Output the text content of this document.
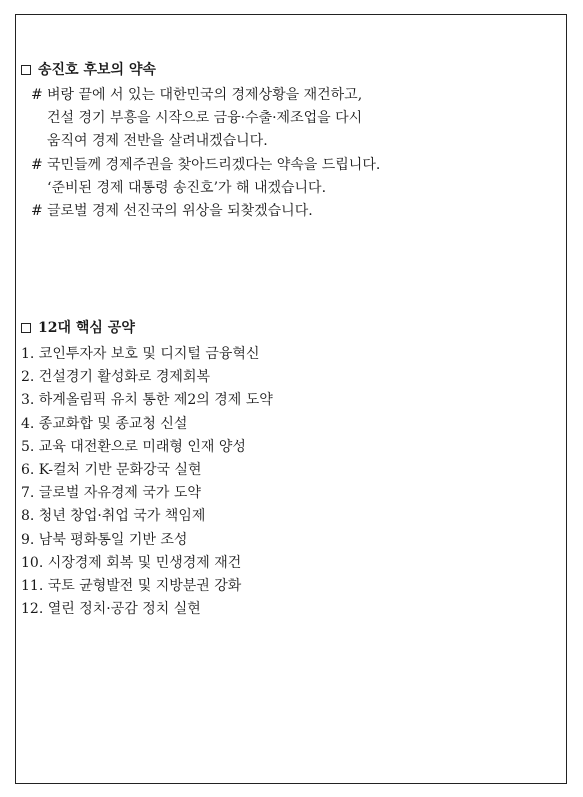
송진호 후보의 약속
# 벼랑 끝에 서 있는 대한민국의 경제상황을 재건하고,
건설 경기 부흥을 시작으로 금융·수출·제조업을 다시
움직여 경제 전반을 살려내겠습니다.
# 국민들께 경제주권을 찾아드리겠다는 약속을 드립니다.
‘준비된 경제 대통령 송진호’가 해 내겠습니다.
# 글로벌 경제 선진국의 위상을 되찾겠습니다.
12대 핵심 공약
1. 코인투자자 보호 및 디지털 금융혁신
2. 건설경기 활성화로 경제회복
3. 하계올림픽 유치 통한 제2의 경제 도약
4. 종교화합 및 종교청 신설
5. 교육 대전환으로 미래형 인재 양성
6. K-컬처 기반 문화강국 실현
7. 글로벌 자유경제 국가 도약
8. 청년 창업·취업 국가 책임제
9. 남북 평화통일 기반 조성
10. 시장경제 회복 및 민생경제 재건
11. 국토 균형발전 및 지방분권 강화
12. 열린 정치·공감 정치 실현
